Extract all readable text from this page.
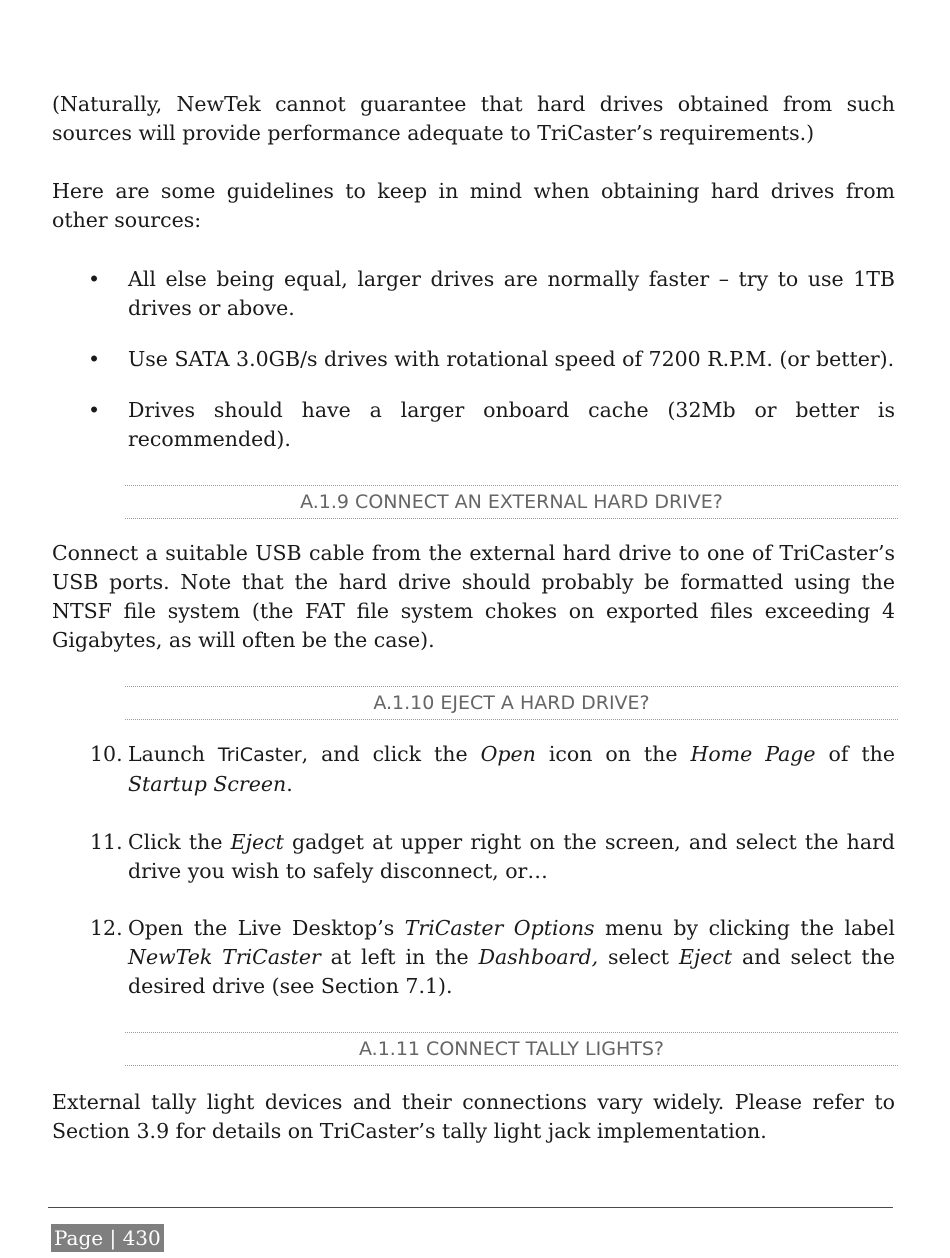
(Naturally, NewTek cannot guarantee that hard drives obtained from such sources will provide performance adequate to TriCaster’s requirements.)

Here are some guidelines to keep in mind when obtaining hard drives from other sources:

• All else being equal, larger drives are normally faster – try to use 1TB drives or above.
• Use SATA 3.0GB/s drives with rotational speed of 7200 R.P.M. (or better).
• Drives should have a larger onboard cache (32Mb or better is recommended).
A.1.9 CONNECT AN EXTERNAL HARD DRIVE?

Connect a suitable USB cable from the external hard drive to one of TriCaster’s USB ports. Note that the hard drive should probably be formatted using the NTSF file system (the FAT file system chokes on exported files exceeding 4 Gigabytes, as will often be the case).

A.1.10 EJECT A HARD DRIVE?
10. Launch TriCaster, and click the Open icon on the Home Page of the Startup Screen.
11. Click the Eject gadget at upper right on the screen, and select the hard drive you wish to safely disconnect, or…
12. Open the Live Desktop’s TriCaster Options menu by clicking the label NewTek TriCaster at left in the Dashboard, select Eject and select the desired drive (see Section 7.1).
A.1.11 CONNECT TALLY LIGHTS?

External tally light devices and their connections vary widely. Please refer to Section 3.9 for details on TriCaster’s tally light jack implementation.

Page | 430
